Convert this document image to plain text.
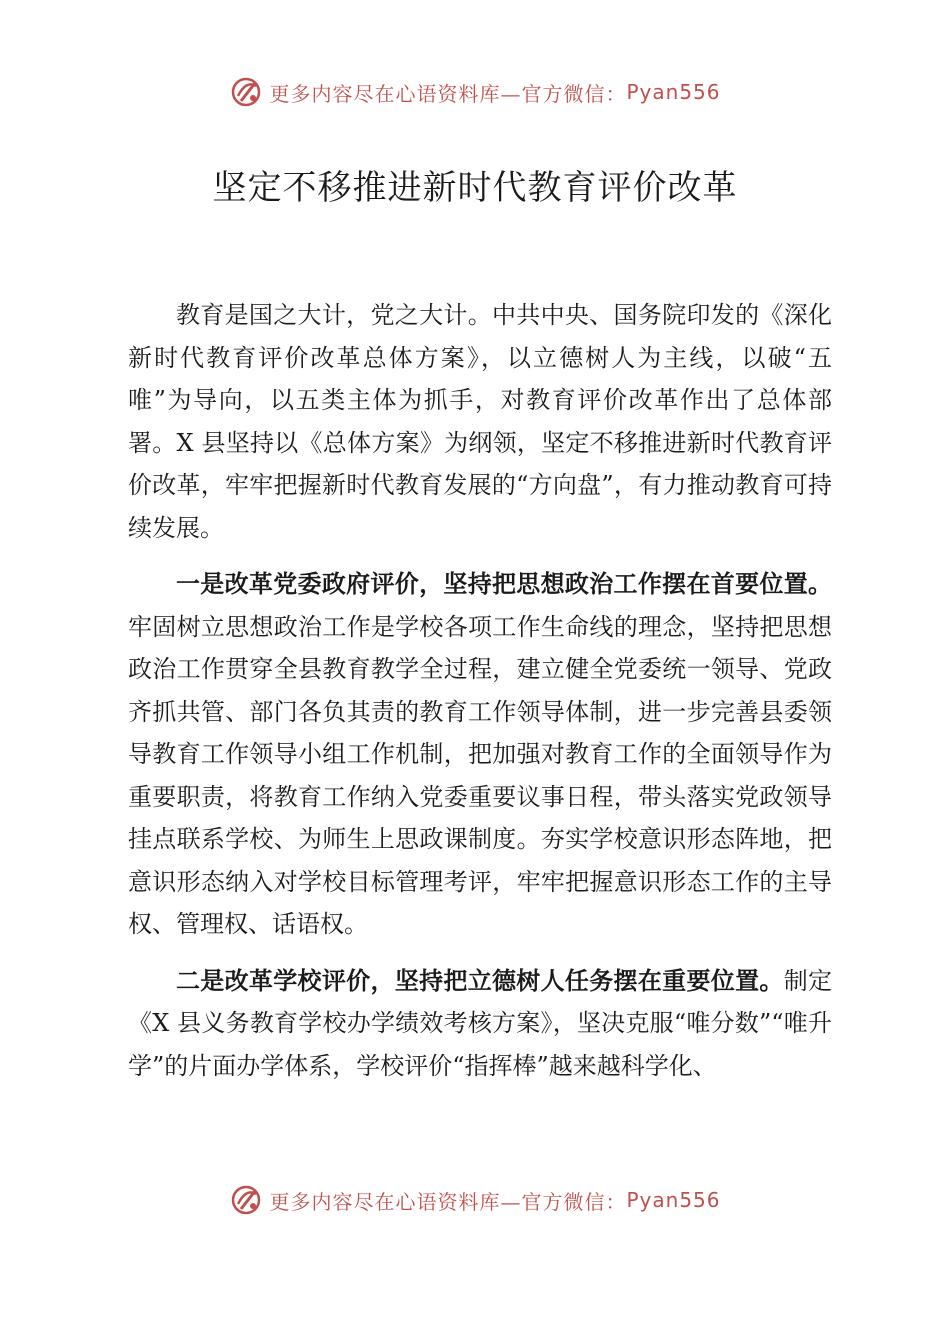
更多内容尽在心语资料库—官方微信： Pyan556
坚定不移推进新时代教育评价改革

教育是国之大计，党之大计。中共中央、国务院印发的《深化新时代教育评价改革总体方案》，以立德树人为主线，以破“五唯”为导向，以五类主体为抓手，对教育评价改革作出了总体部署。X 县坚持以《总体方案》为纲领，坚定不移推进新时代教育评价改革，牢牢把握新时代教育发展的“方向盘”，有力推动教育可持续发展。

一是改革党委政府评价，坚持把思想政治工作摆在首要位置。牢固树立思想政治工作是学校各项工作生命线的理念，坚持把思想政治工作贯穿全县教育教学全过程，建立健全党委统一领导、党政齐抓共管、部门各负其责的教育工作领导体制，进一步完善县委领导教育工作领导小组工作机制，把加强对教育工作的全面领导作为重要职责，将教育工作纳入党委重要议事日程，带头落实党政领导挂点联系学校、为师生上思政课制度。夯实学校意识形态阵地，把意识形态纳入对学校目标管理考评，牢牢把握意识形态工作的主导权、管理权、话语权。

二是改革学校评价，坚持把立德树人任务摆在重要位置。制定《X 县义务教育学校办学绩效考核方案》，坚决克服“唯分数”“唯升学”的片面办学体系，学校评价“指挥棒”越来越科学化、

更多内容尽在心语资料库—官方微信： Pyan556
